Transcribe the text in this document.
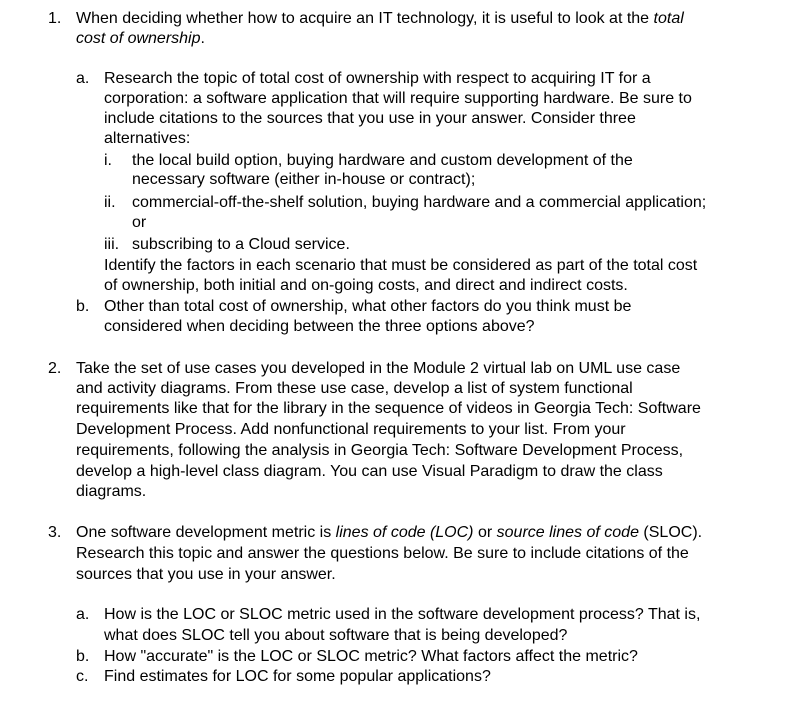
1. When deciding whether how to acquire an IT technology, it is useful to look at the total
cost of ownership.
a. Research the topic of total cost of ownership with respect to acquiring IT for a
corporation: a software application that will require supporting hardware. Be sure to
include citations to the sources that you use in your answer. Consider three
alternatives:
i. the local build option, buying hardware and custom development of the
necessary software (either in-house or contract);
ii. commercial-off-the-shelf solution, buying hardware and a commercial application;
or
iii. subscribing to a Cloud service.
Identify the factors in each scenario that must be considered as part of the total cost
of ownership, both initial and on-going costs, and direct and indirect costs.
b. Other than total cost of ownership, what other factors do you think must be
considered when deciding between the three options above?
2. Take the set of use cases you developed in the Module 2 virtual lab on UML use case
and activity diagrams. From these use case, develop a list of system functional
requirements like that for the library in the sequence of videos in Georgia Tech: Software
Development Process. Add nonfunctional requirements to your list. From your
requirements, following the analysis in Georgia Tech: Software Development Process,
develop a high-level class diagram. You can use Visual Paradigm to draw the class
diagrams.
3. One software development metric is lines of code (LOC) or source lines of code (SLOC).
Research this topic and answer the questions below. Be sure to include citations of the
sources that you use in your answer.
a. How is the LOC or SLOC metric used in the software development process? That is,
what does SLOC tell you about software that is being developed?
b. How "accurate" is the LOC or SLOC metric? What factors affect the metric?
c. Find estimates for LOC for some popular applications?
